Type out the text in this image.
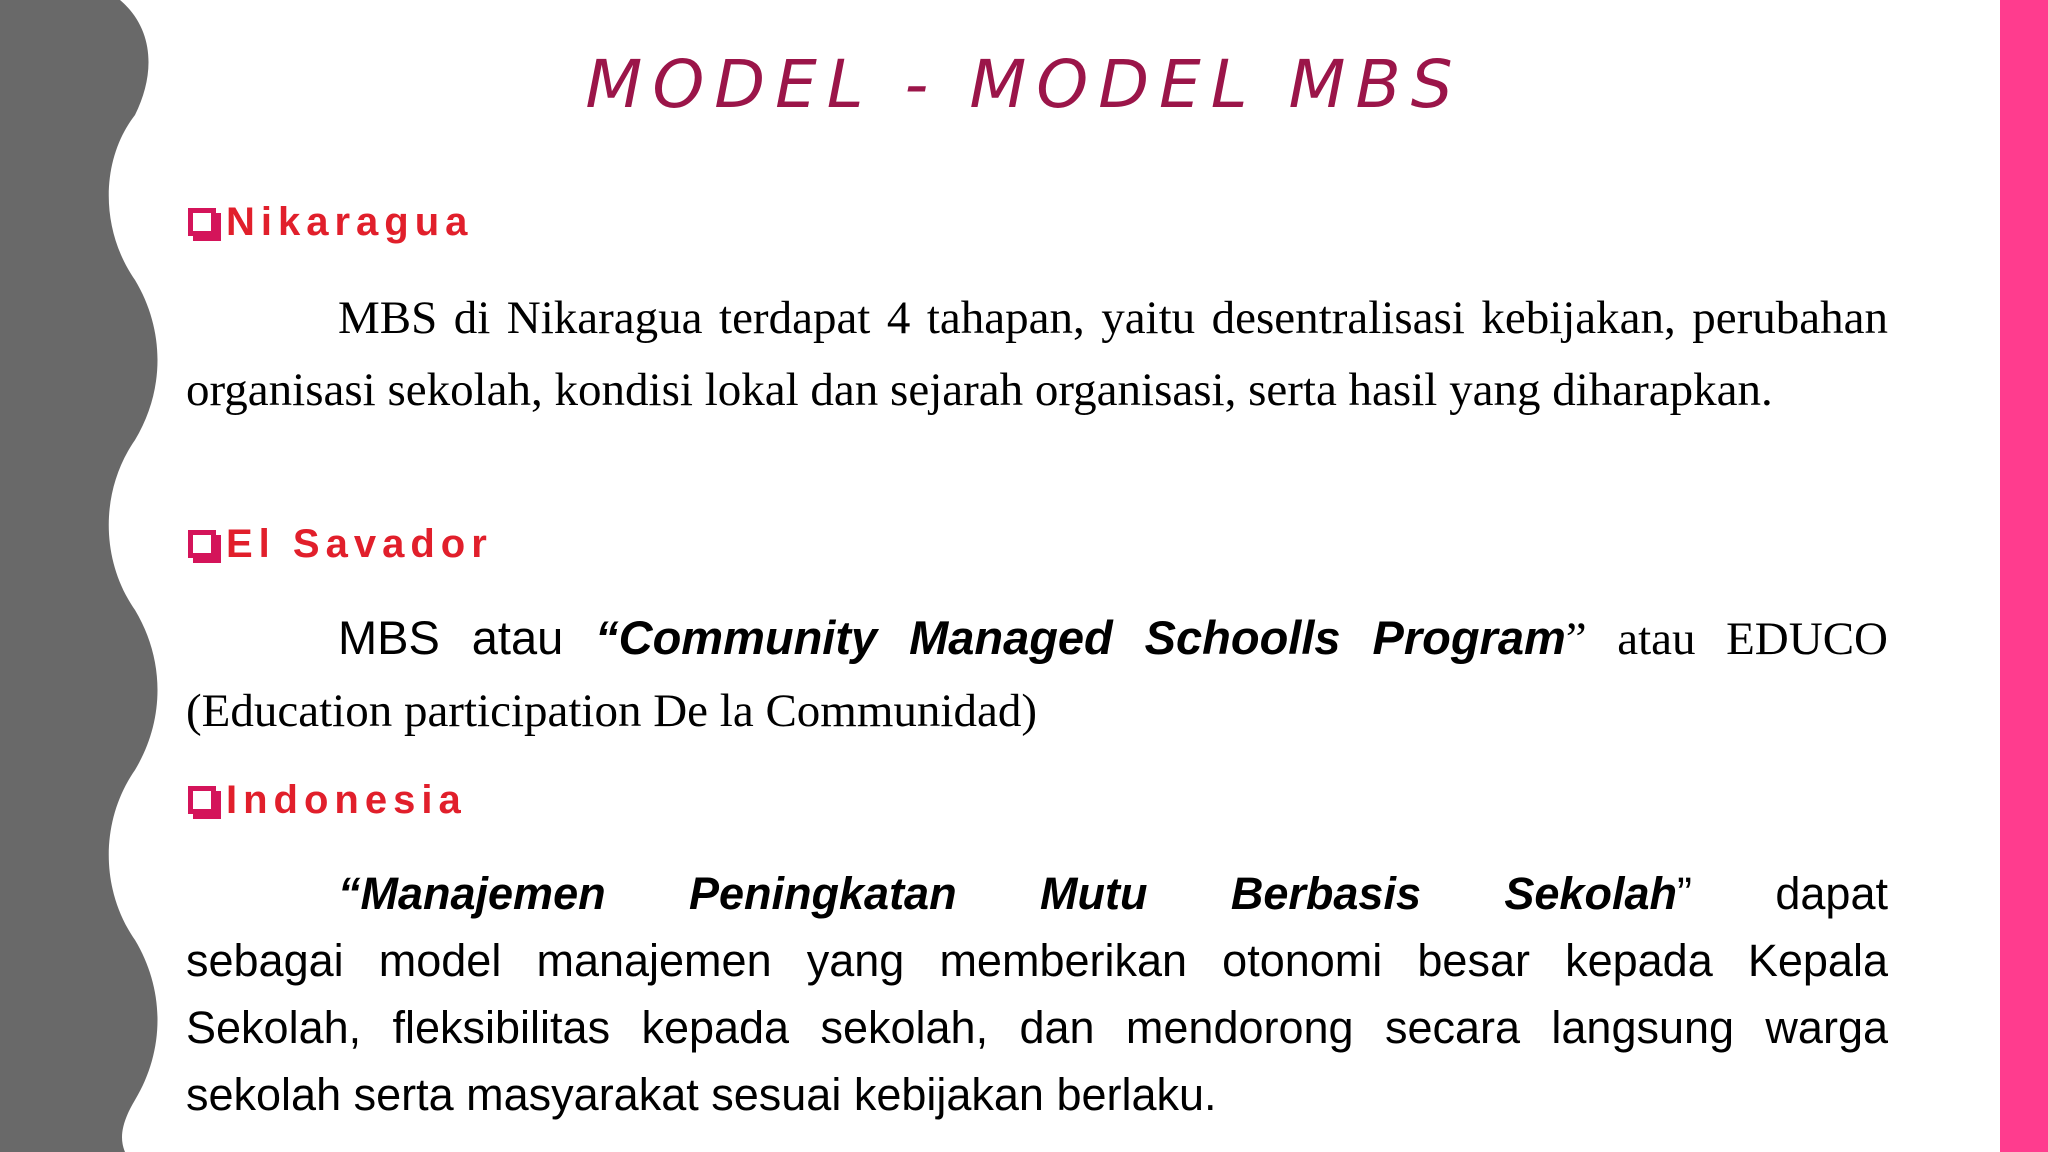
MODEL - MODEL MBS
Nikaragua
MBS di Nikaragua terdapat 4 tahapan, yaitu desentralisasi kebijakan, perubahan organisasi sekolah, kondisi lokal dan sejarah organisasi, serta hasil yang diharapkan.
El Savador
MBS atau “Community Managed Schoolls Program” atau EDUCO (Education participation De la Communidad)
Indonesia
“Manajemen Peningkatan Mutu Berbasis Sekolah” dapat
sebagai model manajemen yang memberikan otonomi besar kepada Kepala Sekolah, fleksibilitas kepada sekolah, dan mendorong secara langsung warga sekolah serta masyarakat sesuai kebijakan berlaku.
